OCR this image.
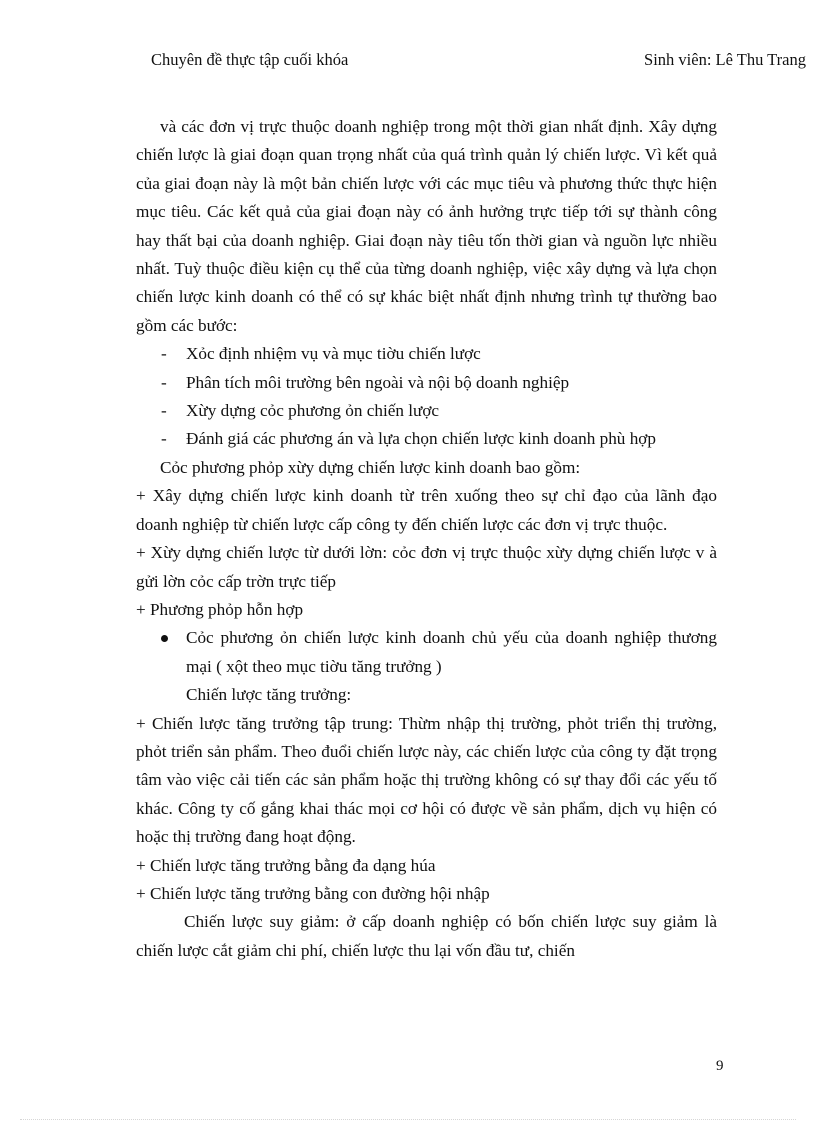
Chuyên đề thực tập cuối khóa	Sinh viên: Lê Thu Trang

và các đơn vị trực thuộc doanh nghiệp trong một thời gian nhất định. Xây dựng chiến lược là giai đoạn quan trọng nhất của quá trình quản lý chiến lược. Vì kết quả của giai đoạn này là một bản chiến lược với các mục tiêu và phương thức thực hiện mục tiêu. Các kết quả của giai đoạn này có ảnh hưởng trực tiếp tới sự thành công hay thất bại của doanh nghiệp. Giai đoạn này tiêu tốn thời gian và nguồn lực nhiều nhất. Tuỳ thuộc điều kiện cụ thể của từng doanh nghiệp, việc xây dựng và lựa chọn chiến lược kinh doanh có thể có sự khác biệt nhất định nhưng trình tự thường bao gồm các bước:

- Xỏc định nhiệm vụ và mục tiờu chiến lược
- Phân tích môi trường bên ngoài và nội bộ doanh nghiệp
- Xừy dựng cỏc phương ỏn chiến lược
- Đánh giá các phương án và lựa chọn chiến lược kinh doanh phù hợp

Cỏc phương phỏp xừy dựng chiến lược kinh doanh bao gồm:

+ Xây dựng chiến lược kinh doanh từ trên xuống theo sự chỉ đạo của lãnh đạo doanh nghiệp từ chiến lược cấp công ty đến chiến lược các đơn vị trực thuộc.

+ Xừy dựng chiến lược từ dưới lờn: cỏc đơn vị trực thuộc xừy dựng chiến lược v à gửi lờn cỏc cấp trờn trực tiếp

+ Phương phỏp hỗn hợp

Cỏc phương ỏn chiến lược kinh doanh chủ yếu của doanh nghiệp thương mại ( xột theo mục tiờu tăng trưởng )

Chiến lược tăng trưởng:

+ Chiến lược tăng trưởng tập trung: Thừm nhập thị trường, phỏt triển thị trường, phỏt triển sản phẩm. Theo đuổi chiến lược này, các chiến lược của công ty đặt trọng tâm vào việc cải tiến các sản phẩm hoặc thị trường không có sự thay đổi các yếu tố khác. Công ty cố gắng khai thác mọi cơ hội có được về sản phẩm, dịch vụ hiện có hoặc thị trường đang hoạt động.

+ Chiến lược tăng trưởng bằng đa dạng húa

+ Chiến lược tăng trưởng bằng con đường hội nhập

Chiến lược suy giảm: ở cấp doanh nghiệp có bốn chiến lược suy giảm là chiến lược cắt giảm chi phí, chiến lược thu lại vốn đầu tư, chiến

9
